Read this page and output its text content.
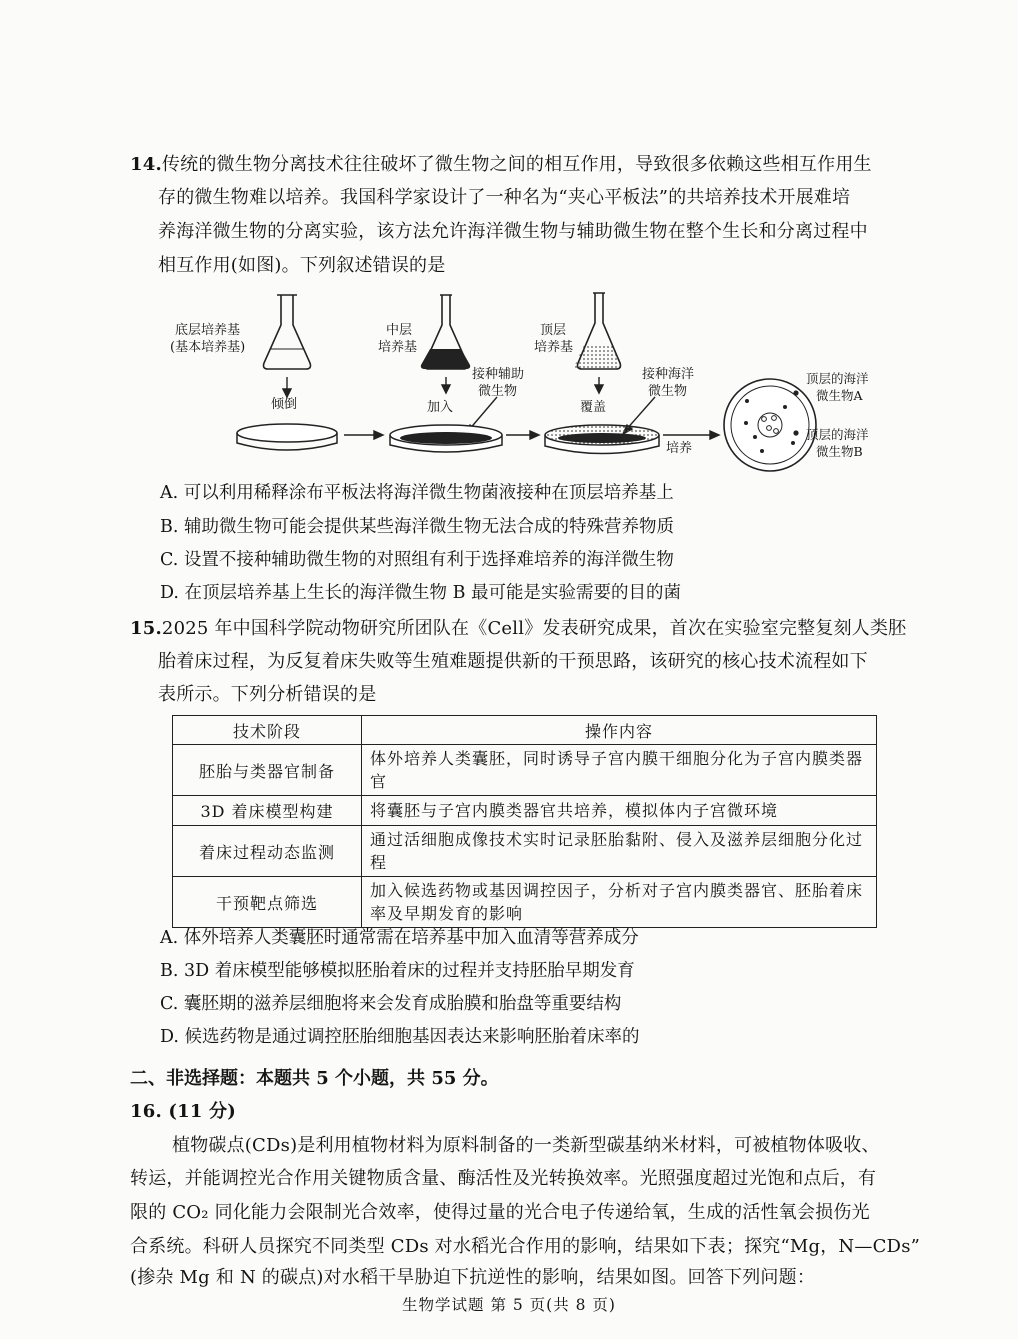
14.传统的微生物分离技术往往破坏了微生物之间的相互作用，导致很多依赖这些相互作用生
存的微生物难以培养。我国科学家设计了一种名为“夹心平板法”的共培养技术开展难培
养海洋微生物的分离实验，该方法允许海洋微生物与辅助微生物在整个生长和分离过程中
相互作用(如图)。下列叙述错误的是
底层培养基
(基本培养基)
中层
培养基
顶层
培养基
倾倒	加入	覆盖
培养
接种辅助
微生物
接种海洋
微生物
顶层的海洋
微生物A
顶层的海洋
微生物B
A. 可以利用稀释涂布平板法将海洋微生物菌液接种在顶层培养基上
B. 辅助微生物可能会提供某些海洋微生物无法合成的特殊营养物质
C. 设置不接种辅助微生物的对照组有利于选择难培养的海洋微生物
D. 在顶层培养基上生长的海洋微生物 B 最可能是实验需要的目的菌
15.2025 年中国科学院动物研究所团队在《Cell》发表研究成果，首次在实验室完整复刻人类胚
胎着床过程，为反复着床失败等生殖难题提供新的干预思路，该研究的核心技术流程如下
表所示。下列分析错误的是
技术阶段	操作内容
胚胎与类器官制备	体外培养人类囊胚，同时诱导子宫内膜干细胞分化为子宫内膜类器官
3D 着床模型构建	将囊胚与子宫内膜类器官共培养，模拟体内子宫微环境
着床过程动态监测	通过活细胞成像技术实时记录胚胎黏附、侵入及滋养层细胞分化过程
干预靶点筛选	加入候选药物或基因调控因子，分析对子宫内膜类器官、胚胎着床率及早期发育的影响
A. 体外培养人类囊胚时通常需在培养基中加入血清等营养成分
B. 3D 着床模型能够模拟胚胎着床的过程并支持胚胎早期发育
C. 囊胚期的滋养层细胞将来会发育成胎膜和胎盘等重要结构
D. 候选药物是通过调控胚胎细胞基因表达来影响胚胎着床率的
二、非选择题：本题共 5 个小题，共 55 分。
16. (11 分)
植物碳点(CDs)是利用植物材料为原料制备的一类新型碳基纳米材料，可被植物体吸收、
转运，并能调控光合作用关键物质含量、酶活性及光转换效率。光照强度超过光饱和点后，有
限的 CO₂ 同化能力会限制光合效率，使得过量的光合电子传递给氧，生成的活性氧会损伤光
合系统。科研人员探究不同类型 CDs 对水稻光合作用的影响，结果如下表；探究“Mg，N—CDs”
(掺杂 Mg 和 N 的碳点)对水稻干旱胁迫下抗逆性的影响，结果如图。回答下列问题：
生物学试题 第 5 页(共 8 页)
